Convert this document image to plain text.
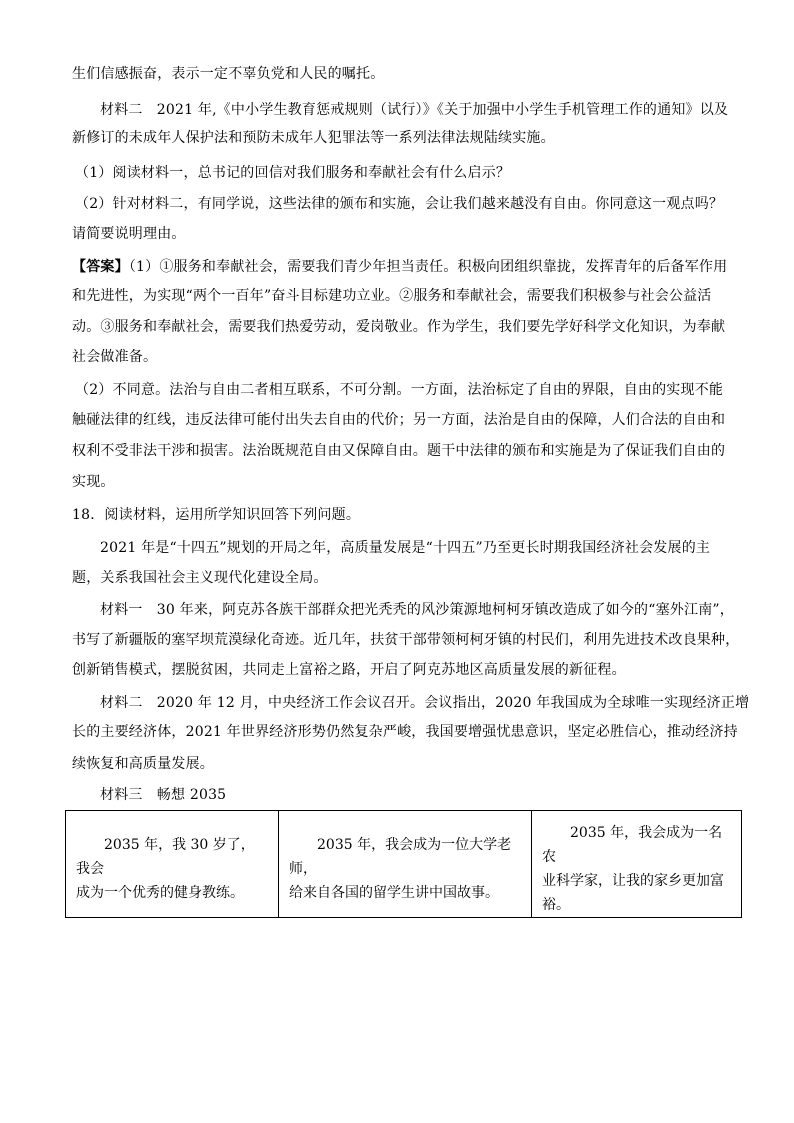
生们信感振奋，表示一定不辜负党和人民的嘱托。
材料二　2021 年,《中小学生教育惩戒规则（试行）》《关于加强中小学生手机管理工作的通知》以及
新修订的未成年人保护法和预防未成年人犯罪法等一系列法律法规陆续实施。
（1）阅读材料一，总书记的回信对我们服务和奉献社会有什么启示？
（2）针对材料二，有同学说，这些法律的颁布和实施，会让我们越来越没有自由。你同意这一观点吗？
请简要说明理由。
【答案】（1）①服务和奉献社会，需要我们青少年担当责任。积极向团组织靠拢，发挥青年的后备军作用
和先进性，为实现“两个一百年”奋斗目标建功立业。②服务和奉献社会，需要我们积极参与社会公益活
动。③服务和奉献社会，需要我们热爱劳动，爱岗敬业。作为学生，我们要先学好科学文化知识，为奉献
社会做准备。
（2）不同意。法治与自由二者相互联系，不可分割。一方面，法治标定了自由的界限，自由的实现不能
触碰法律的红线，违反法律可能付出失去自由的代价；另一方面，法治是自由的保障，人们合法的自由和
权利不受非法干涉和损害。法治既规范自由又保障自由。题干中法律的颁布和实施是为了保证我们自由的
实现。
18．阅读材料，运用所学知识回答下列问题。
2021 年是“十四五”规划的开局之年，高质量发展是“十四五”乃至更长时期我国经济社会发展的主
题，关系我国社会主义现代化建设全局。
材料一　30 年来，阿克苏各族干部群众把光秃秃的风沙策源地柯柯牙镇改造成了如今的“塞外江南”，
书写了新疆版的塞罕坝荒漠绿化奇迹。近几年，扶贫干部带领柯柯牙镇的村民们，利用先进技术改良果种，
创新销售模式，摆脱贫困，共同走上富裕之路，开启了阿克苏地区高质量发展的新征程。
材料二　2020 年 12 月，中央经济工作会议召开。会议指出，2020 年我国成为全球唯一实现经济正增
长的主要经济体，2021 年世界经济形势仍然复杂严峻，我国要增强忧患意识，坚定必胜信心，推动经济持
续恢复和高质量发展。
材料三　畅想 2035
2035 年，我 30 岁了，我会
成为一个优秀的健身教练。

2035 年，我会成为一位大学老师，
给来自各国的留学生讲中国故事。

2035 年，我会成为一名农
业科学家，让我的家乡更加富
裕。
